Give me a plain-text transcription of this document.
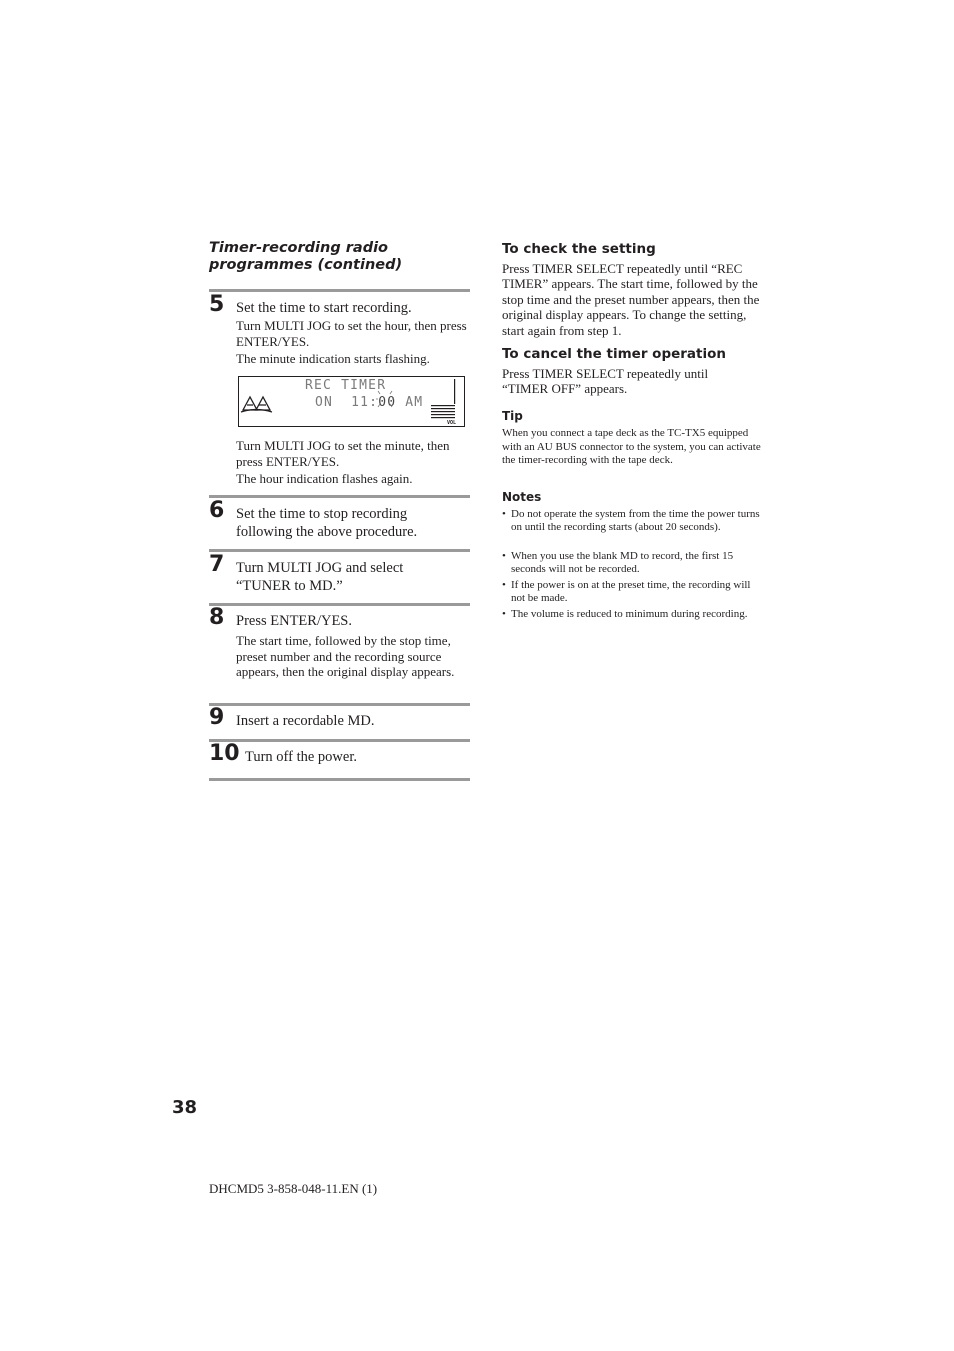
Timer-recording radio programmes (contined)
5 Set the time to start recording.
Turn MULTI JOG to set the hour, then press ENTER/YES.
The minute indication starts flashing.
REC TIMER
ON  11:00 AM
VOL
Turn MULTI JOG to set the minute, then press ENTER/YES.
The hour indication flashes again.
6 Set the time to stop recording following the above procedure.
7 Turn MULTI JOG and select “TUNER to MD.”
8 Press ENTER/YES.
The start time, followed by the stop time, preset number and the recording source appears, then the original display appears.
9 Insert a recordable MD.
10 Turn off the power.
To check the setting
Press TIMER SELECT repeatedly until “REC TIMER” appears. The start time, followed by the stop time and the preset number appears, then the original display appears. To change the setting, start again from step 1.
To cancel the timer operation
Press TIMER SELECT repeatedly until “TIMER OFF” appears.
Tip
When you connect a tape deck as the TC-TX5 equipped with an AU BUS connector to the system, you can activate the timer-recording with the tape deck.
Notes
• Do not operate the system from the time the power turns on until the recording starts (about 20 seconds).
• When you use the blank MD to record, the first 15 seconds will not be recorded.
• If the power is on at the preset time, the recording will not be made.
• The volume is reduced to minimum during recording.
38
DHCMD5 3-858-048-11.EN (1)
